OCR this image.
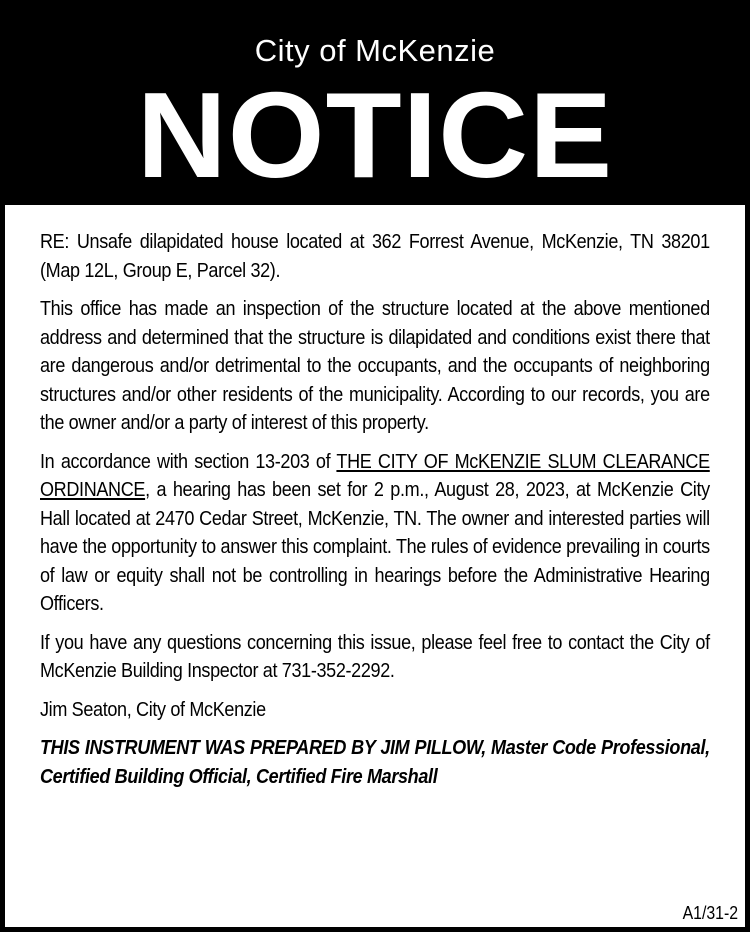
City of McKenzie
NOTICE

RE: Unsafe dilapidated house located at 362 Forrest Avenue, McKenzie, TN 38201 (Map 12L, Group E, Parcel 32).

This office has made an inspection of the structure located at the above mentioned address and determined that the structure is dilapidated and conditions exist there that are dangerous and/or detrimental to the occupants, and the occupants of neighboring structures and/or other residents of the municipality. According to our records, you are the owner and/or a party of interest of this property.

In accordance with section 13-203 of THE CITY OF McKENZIE SLUM CLEARANCE ORDINANCE, a hearing has been set for 2 p.m., August 28, 2023, at McKenzie City Hall located at 2470 Cedar Street, McKenzie, TN. The owner and interested parties will have the opportunity to answer this complaint. The rules of evidence prevailing in courts of law or equity shall not be controlling in hearings before the Administrative Hearing Officers.

If you have any questions concerning this issue, please feel free to contact the City of McKenzie Building Inspector at 731-352-2292.

Jim Seaton, City of McKenzie

THIS INSTRUMENT WAS PREPARED BY JIM PILLOW, Master Code Professional, Certified Building Official, Certified Fire Marshall

A1/31-2
